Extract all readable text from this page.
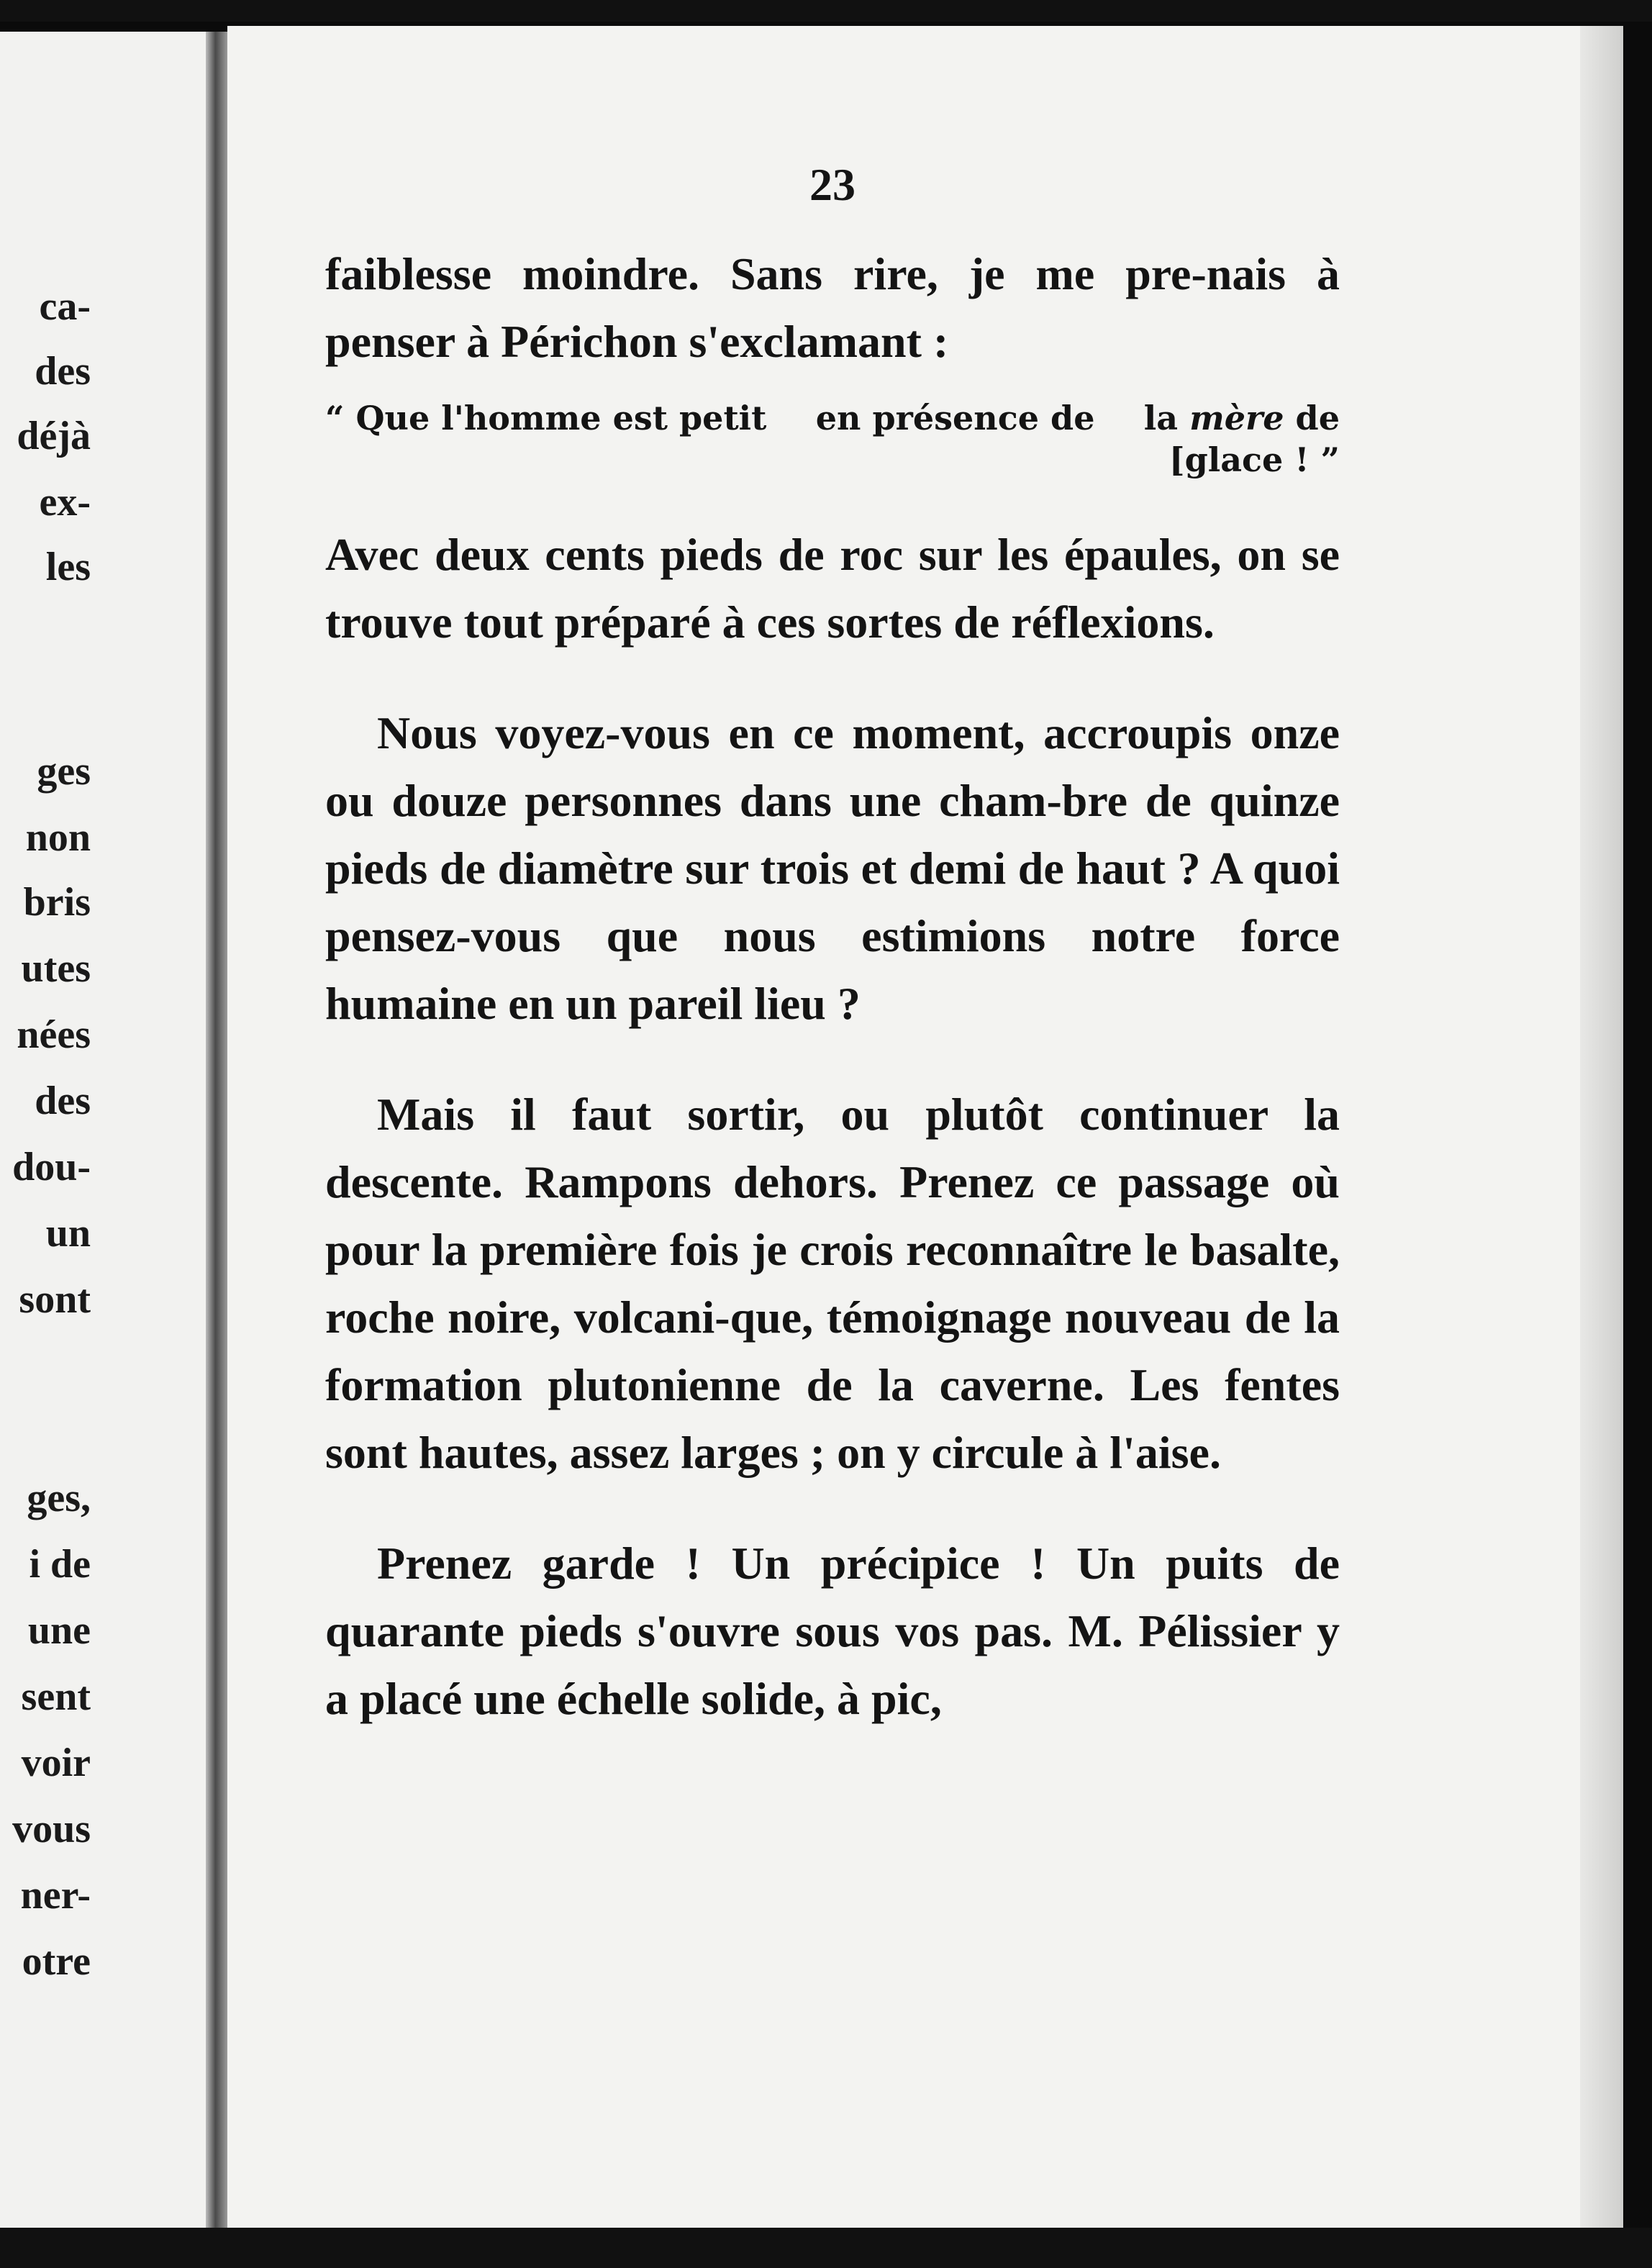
ca-
des
déjà
ex-
les
ges
non
bris
utes
nées
des
dou-
un
sont
ges,
i de
une
sent
voir
vous
ner-
otre
23

faiblesse moindre. Sans rire, je me pre-nais à penser à Périchon s'exclamant :

“ Que l'homme est petit en présence de la mère de
[glace ! ”

Avec deux cents pieds de roc sur les épaules, on se trouve tout préparé à ces sortes de réflexions.

Nous voyez-vous en ce moment, accroupis onze ou douze personnes dans une cham-bre de quinze pieds de diamètre sur trois et demi de haut ? A quoi pensez-vous que nous estimions notre force humaine en un pareil lieu ?

Mais il faut sortir, ou plutôt continuer la descente. Rampons dehors. Prenez ce passage où pour la première fois je crois reconnaître le basalte, roche noire, volcani-que, témoignage nouveau de la formation plutonienne de la caverne. Les fentes sont hautes, assez larges ; on y circule à l'aise.

Prenez garde ! Un précipice ! Un puits de quarante pieds s'ouvre sous vos pas. M. Pélissier y a placé une échelle solide, à pic,
